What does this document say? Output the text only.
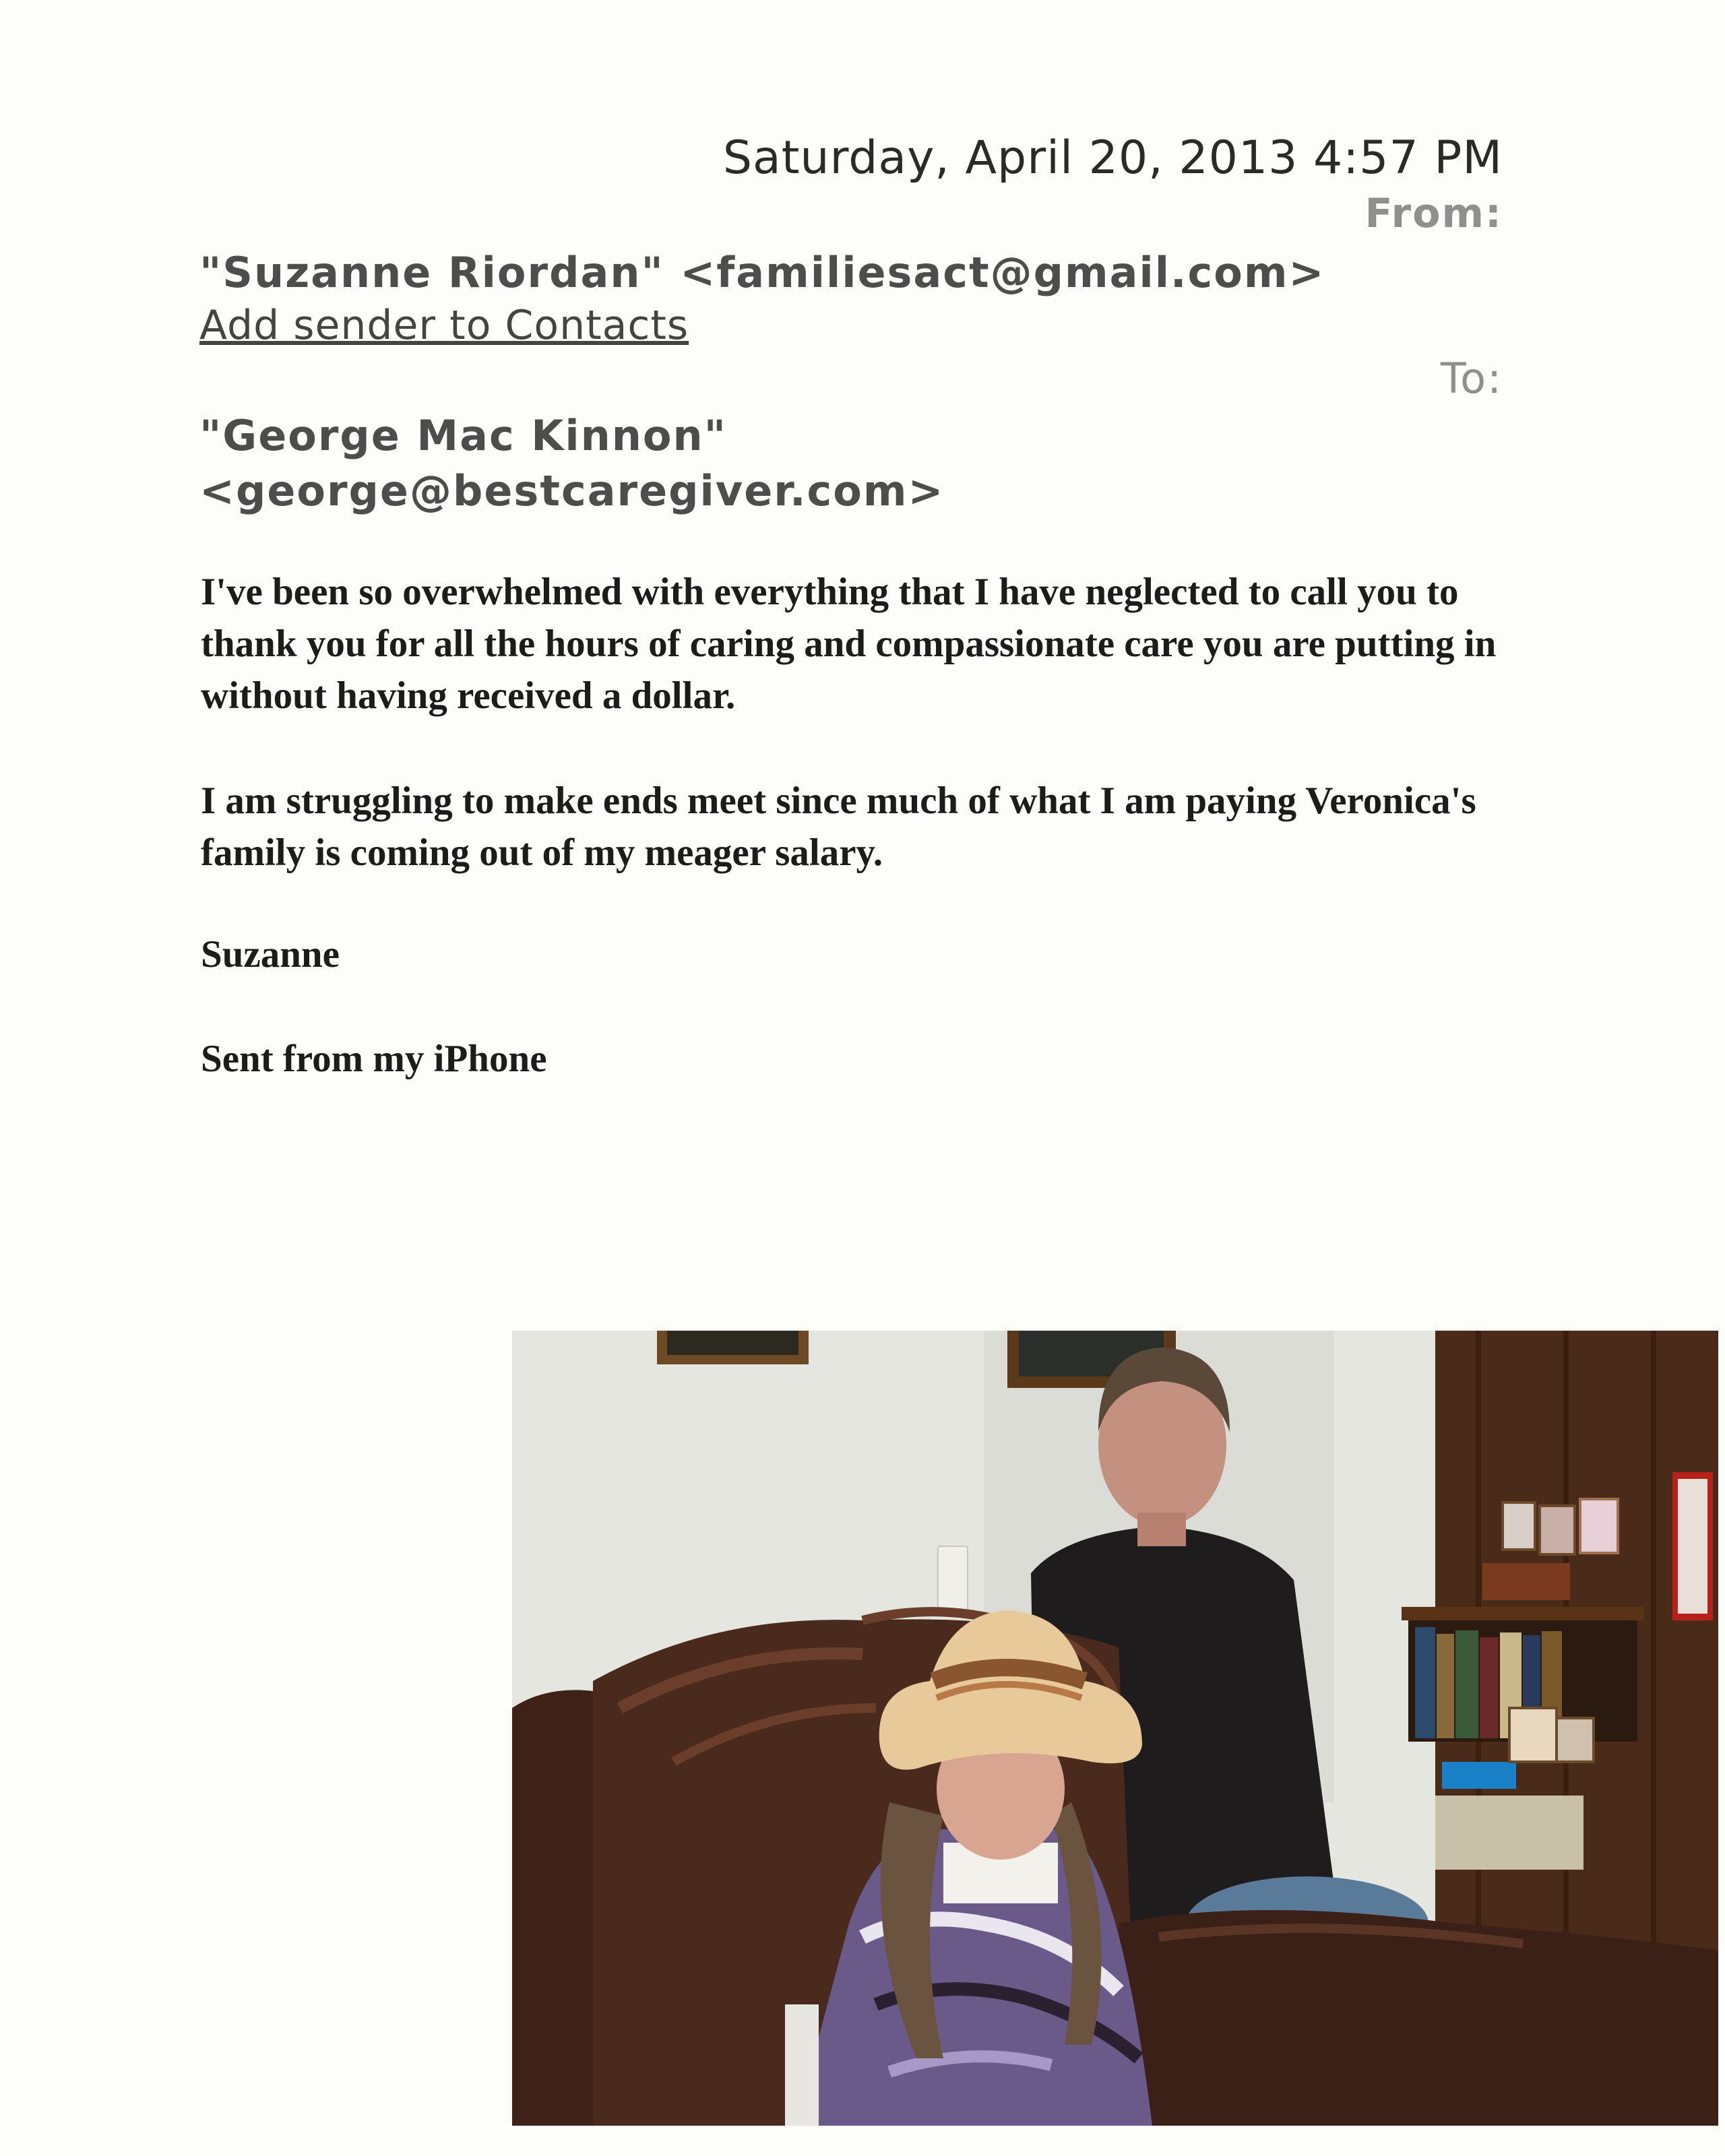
Saturday, April 20, 2013 4:57 PM
From:
"Suzanne Riordan" <familiesact@gmail.com>
Add sender to Contacts
To:
"George Mac Kinnon"
<george@bestcaregiver.com>

I've been so overwhelmed with everything that I have neglected to call you to thank you for all the hours of caring and compassionate care you are putting in without having received a dollar.

I am struggling to make ends meet since much of what I am paying Veronica's family is coming out of my meager salary.

Suzanne

Sent from my iPhone
